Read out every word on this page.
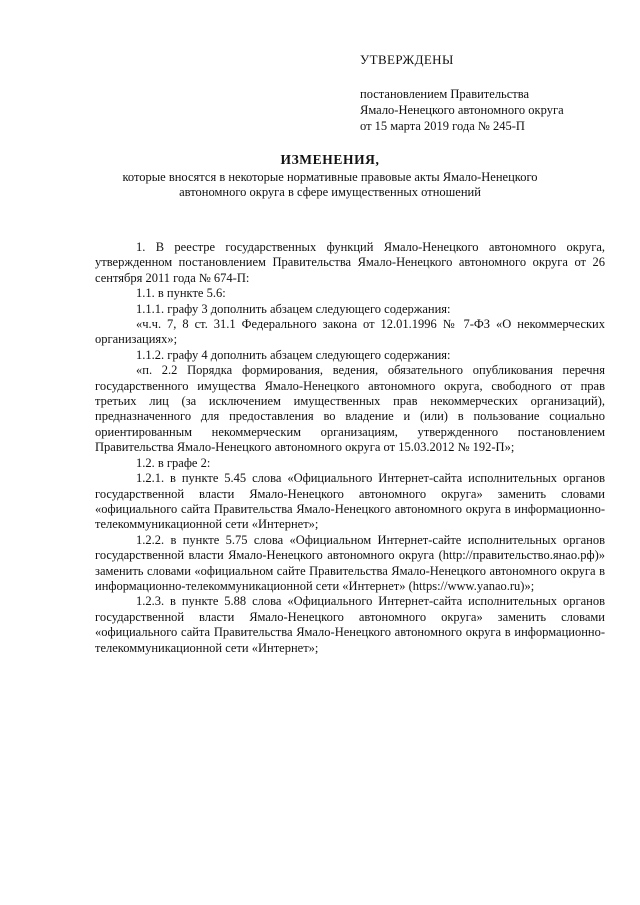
УТВЕРЖДЕНЫ
постановлением Правительства
Ямало-Ненецкого автономного округа
от 15 марта 2019 года № 245-П
ИЗМЕНЕНИЯ,
которые вносятся в некоторые нормативные правовые акты Ямало-Ненецкого автономного округа в сфере имущественных отношений

1. В реестре государственных функций Ямало-Ненецкого автономного округа, утвержденном постановлением Правительства Ямало-Ненецкого автономного округа от 26 сентября 2011 года № 674-П:

1.1. в пункте 5.6:

1.1.1. графу 3 дополнить абзацем следующего содержания:

«ч.ч. 7, 8 ст. 31.1 Федерального закона от 12.01.1996 № 7-ФЗ «О некоммерческих организациях»;

1.1.2. графу 4 дополнить абзацем следующего содержания:

«п. 2.2 Порядка формирования, ведения, обязательного опубликования перечня государственного имущества Ямало-Ненецкого автономного округа, свободного от прав третьих лиц (за исключением имущественных прав некоммерческих организаций), предназначенного для предоставления во владение и (или) в пользование социально ориентированным некоммерческим организациям, утвержденного постановлением Правительства Ямало-Ненецкого автономного округа от 15.03.2012 № 192-П»;

1.2. в графе 2:

1.2.1. в пункте 5.45 слова «Официального Интернет-сайта исполнительных органов государственной власти Ямало-Ненецкого автономного округа» заменить словами «официального сайта Правительства Ямало-Ненецкого автономного округа в информационно-телекоммуникационной сети «Интернет»;

1.2.2. в пункте 5.75 слова «Официальном Интернет-сайте исполнительных органов государственной власти Ямало-Ненецкого автономного округа (http://правительство.янао.рф)» заменить словами «официальном сайте Правительства Ямало-Ненецкого автономного округа в информационно-телекоммуникационной сети «Интернет» (https://www.yanao.ru)»;

1.2.3. в пункте 5.88 слова «Официального Интернет-сайта исполнительных органов государственной власти Ямало-Ненецкого автономного округа» заменить словами «официального сайта Правительства Ямало-Ненецкого автономного округа в информационно-телекоммуникационной сети «Интернет»;
